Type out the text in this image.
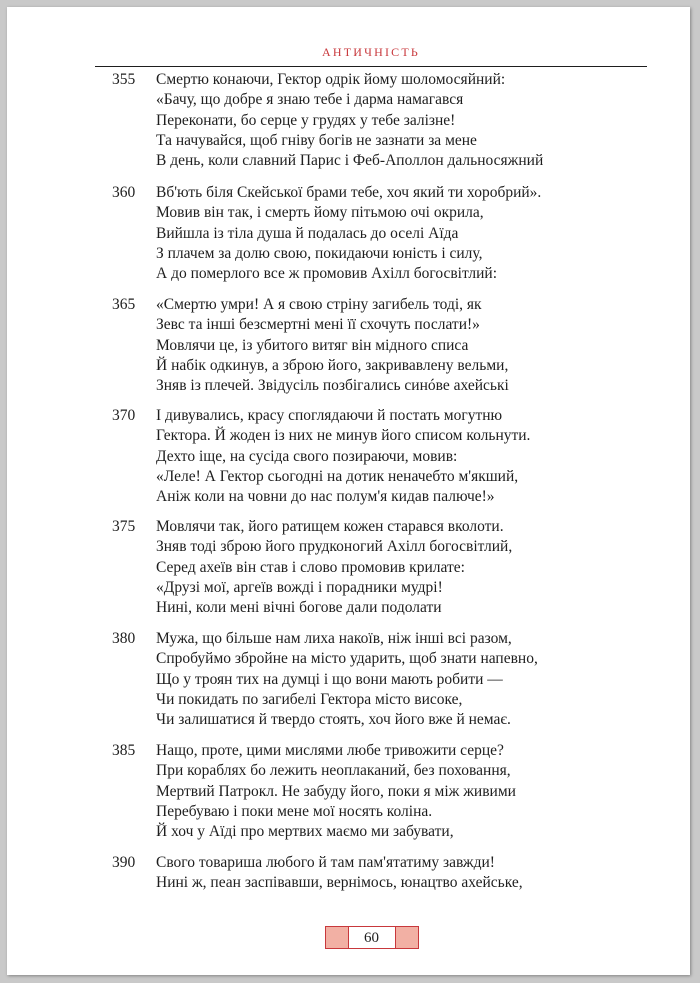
АНТИЧНІСТЬ
355 Смертю конаючи, Гектор одрік йому шоломосяйний:
«Бачу, що добре я знаю тебе і дарма намагався
Переконати, бо серце у грудях у тебе залізне!
Та начувайся, щоб гніву богів не зазнати за мене
В день, коли славний Парис і Феб-Аполлон дальносяжний
360 Вб'ють біля Скейської брами тебе, хоч який ти хоробрий».
Мовив він так, і смерть йому пітьмою очі окрила,
Вийшла із тіла душа й подалась до оселі Аїда
З плачем за долю свою, покидаючи юність і силу,
А до померлого все ж промовив Ахілл богосвітлий:
365 «Смертю умри! А я свою стріну загибель тоді, як
Зевс та інші безсмертні мені її схочуть послати!»
Мовлячи це, із убитого витяг він мідного списа
Й набік одкинув, а зброю його, закривавлену вельми,
Зняв із плечей. Звідусіль позбігались синóве ахейські
370 І дивувались, красу споглядаючи й постать могутню
Гектора. Й жоден із них не минув його списом кольнути.
Дехто іще, на сусіда свого позираючи, мовив:
«Леле! А Гектор сьогодні на дотик неначебто м'якший,
Аніж коли на човни до нас полум'я кидав палюче!»
375 Мовлячи так, його ратищем кожен старався вколоти.
Зняв тоді зброю його прудконогий Ахілл богосвітлий,
Серед ахеїв він став і слово промовив крилате:
«Друзі мої, аргеїв вожді і порадники мудрі!
Нині, коли мені вічні богове дали подолати
380 Мужа, що більше нам лиха накоїв, ніж інші всі разом,
Спробуймо збройне на місто ударить, щоб знати напевно,
Що у троян тих на думці і що вони мають робити —
Чи покидать по загибелі Гектора місто високе,
Чи залишатися й твердо стоять, хоч його вже й немає.
385 Нащо, проте, цими мислями любе тривожити серце?
При кораблях бо лежить неоплаканий, без поховання,
Мертвий Патрокл. Не забуду його, поки я між живими
Перебуваю і поки мене мої носять коліна.
Й хоч у Аїді про мертвих маємо ми забувати,
390 Свого товариша любого й там пам'ятатиму завжди!
Нині ж, пеан заспівавши, вернімось, юнацтво ахейське,
60
